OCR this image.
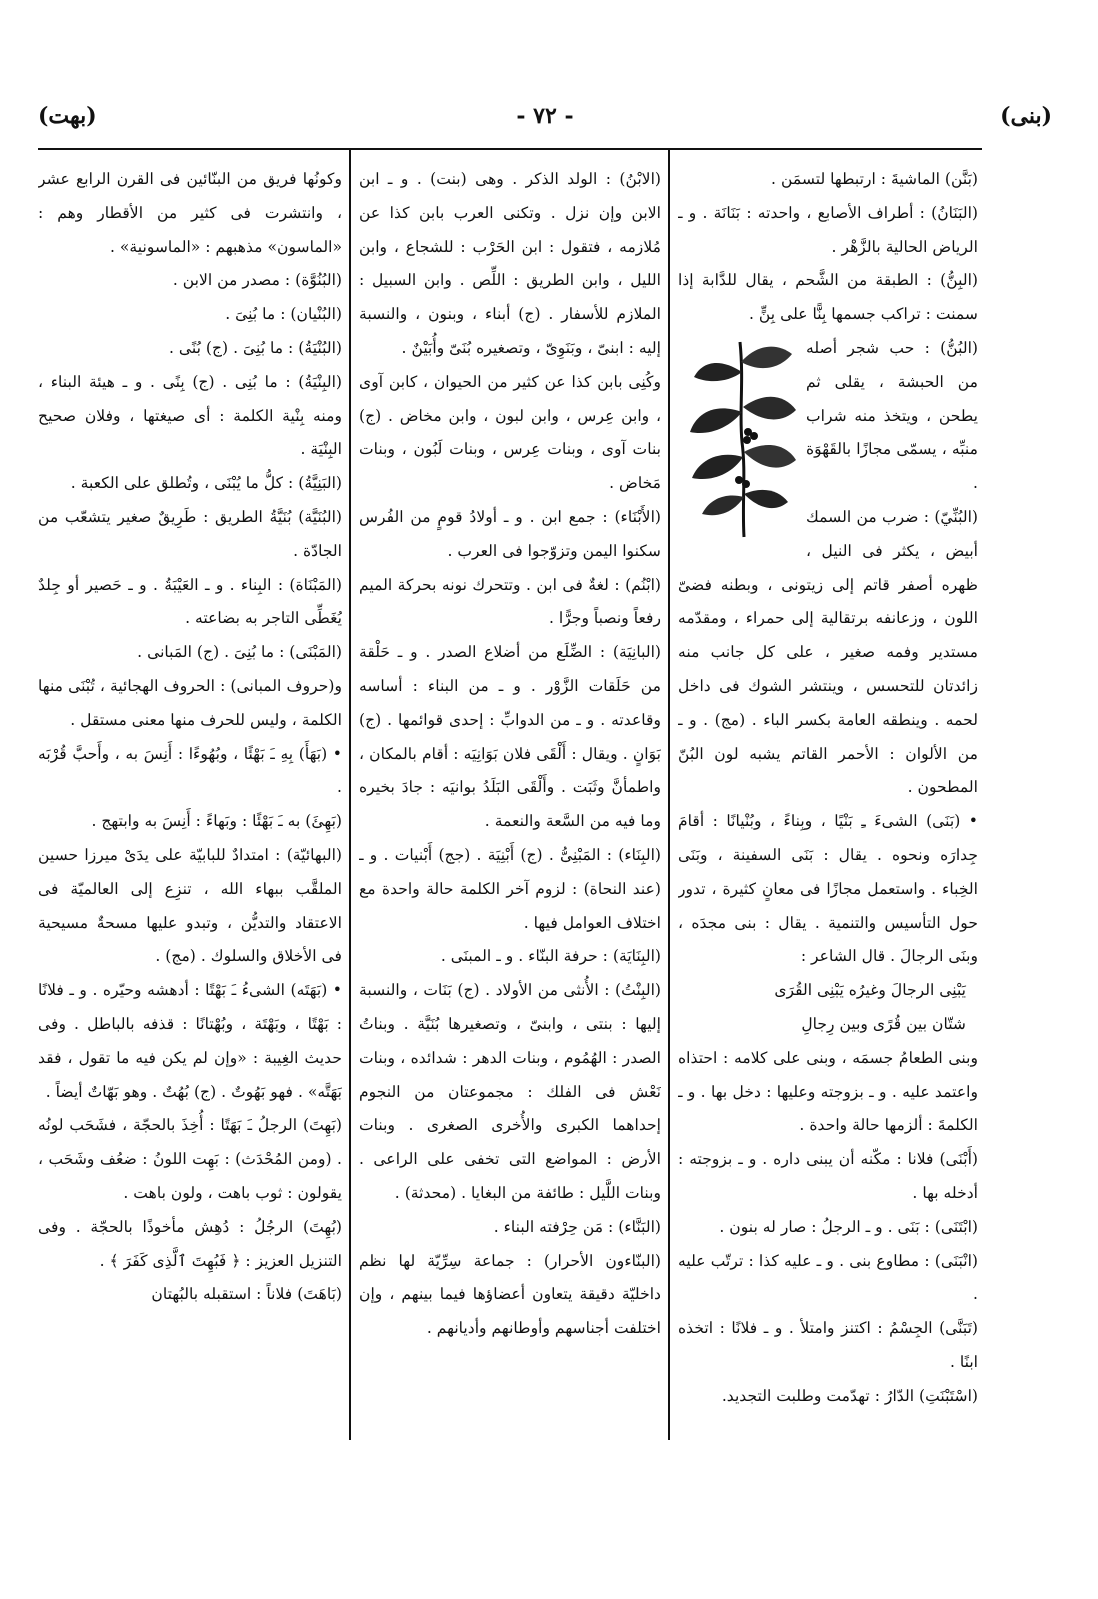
(بنى)
- ٧٢ -
(بهت)

(بَنَّن) الماشيةَ : ارتبطها لتسمَن .

(البَنَانُ) : أطراف الأصابع ، واحدته : بَنَانَة . و ـ الرياض الحالية بالزَّهْر .

(البِنُّ) : الطبقة من الشَّحم ، يقال للدَّابة إذا سمنت : تراكب جسمها بِنًّا على بِنٍّ .

(البُنُّ) : حب شجر أصله من الحبشة ، يقلى ثم يطحن ، ويتخذ منه شراب منبِّه ، يسمّى مجازًا بالقَهْوَة .

(البُنِّيّ) : ضرب من السمك أبيض ، يكثر فى النيل ، ظهره أصفر قاتم إلى زيتونى ، وبطنه فضىّ اللون ، وزعانفه برتقالية إلى حمراء ، ومقدّمه مستدير وفمه صغير ، على كل جانب منه زائدتان للتحسس ، وينتشر الشوك فى داخل لحمه . وينطقه العامة بكسر الباء . (مج) . و ـ من الألوان : الأحمر القاتم يشبه لون البُنّ المطحون .

• (بَنَى) الشىءَ ـِ بَنْيًا ، وبِناءً ، وبُنْيانًا : أقامَ جِدارَه ونحوه . يقال : بَنَى السفينة ، وبَنَى الخِباء . واستعمل مجازًا فى معانٍ كثيرة ، تدور حول التأسيس والتنمية . يقال : بنى مجدَه ، وبنَى الرجالَ . قال الشاعر :

يَبْنِى الرجالَ وغيرُه يَبْنِى القُرَى

شتّان بين قُرًى وبين رِجالِ

وبنى الطعامُ جسمَه ، وبنى على كلامه : احتذاه واعتمد عليه . و ـ بزوجته وعليها : دخل بها . و ـ الكلمةَ : ألزمها حالة واحدة .

(أَبْنَى) فلانا : مكّنه أن يبنى داره . و ـ بزوجته : أدخله بها .

(ابْتَنَى) : بَنَى . و ـ الرجلُ : صار له بنون .

(انْبَنَى) : مطاوع بنى . و ـ عليه كذا : ترتّب عليه .

(تَبَنَّى) الجِسْمُ : اكتنز وامتلأ . و ـ فلانًا : اتخذه ابنًا .

(اسْتَبْنَتِ) الدّارُ : تهدّمت وطلبت التجديد.

(الابْنُ) : الولد الذكر . وهى (بنت) . و ـ ابن الابن وإن نزل . وتكنى العرب بابن كذا عن مُلازمه ، فتقول : ابن الحَرْب : للشجاع ، وابن الليل ، وابن الطريق : اللِّص . وابن السبيل : الملازم للأسفار . (ج) أبناء ، وبنون ، والنسبة إليه : ابنىّ ، وبَنَوِىّ ، وتصغيره بُنَىّ وأُبَيْنٌ .

وكُنِى بابن كذا عن كثير من الحيوان ، كابن آوى ، وابن عِرس ، وابن لبون ، وابن مخاض . (ج) بنات آوى ، وبنات عِرس ، وبنات لَبُون ، وبنات مَخاض .

(الأَبْنَاء) : جمع ابن . و ـ أولادُ قومٍ من الفُرس سكنوا اليمن وتزوّجوا فى العرب .

(ابْنُم) : لغةٌ فى ابن . وتتحرك نونه بحركة الميم رفعاً ونصباً وجرًّا .

(البانِيَة) : الضِّلَع من أضلاع الصدر . و ـ حَلْقة من حَلَقات الزَّوْر . و ـ من البناء : أساسه وقاعدته . و ـ من الدوابِّ : إحدى قوائمها . (ج) بَوَانٍ . ويقال : أَلْقَى فلان بَوَانِيَه : أقام بالمكان ، واطمأنَّ وثَبَت . وأَلْقَى البَلَدُ بوانيَه : جادَ بخيره وما فيه من السَّعة والنعمة .

(البِنَاء) : المَبْنِىُّ . (ج) أَبْنِيَة . (جج) أَبْنيات . و ـ (عند النحاة) : لزوم آخر الكلمة حالة واحدة مع اختلاف العوامل فيها .

(البِنَايَة) : حرفة البنّاء . و ـ المبنَى .

(البِنْتُ) : الأُنثى من الأولاد . (ج) بَنَات ، والنسبة إليها : بنتى ، وابنىّ ، وتصغيرها بُنَيَّة . وبناتُ الصدر : الهُمُوم ، وبنات الدهر : شدائده ، وبنات نَعْش فى الفلك : مجموعتان من النجوم إحداهما الكبرى والأُخرى الصغرى . وبنات الأرض : المواضع التى تخفى على الراعى . وبنات اللَّيل : طائفة من البغايا . (محدثة) .

(البَنَّاء) : مَن حِرْفته البناء .

(البنّاءون الأحرار) : جماعة سِرِّيّة لها نظم داخليّة دقيقة يتعاون أعضاؤها فيما بينهم ، وإن اختلفت أجناسهم وأوطانهم وأديانهم .

وكونُها فريق من البنّائين فى القرن الرابع عشر ، وانتشرت فى كثير من الأقطار وهم : «الماسون» مذهبهم : «الماسونية» .

(البُنُوَّة) : مصدر من الابن .

(البُنْيان) : ما بُنِىَ .

(البُنْيَةُ) : ما بُنِىَ . (ج) بُنًى .

(البِنْيَةُ) : ما بُنِى . (ج) بِنًى . و ـ هيئة البناء ، ومنه بِنْية الكلمة : أى صيغتها ، وفلان صحيح البِنْيَة .

(البَنِيَّةُ) : كلُّ ما يُبْنَى ، وتُطلق على الكعبة .

(البُنَيَّة) بُنَيَّةُ الطريق : طَرِيقٌ صغير يتشعّب من الجادّة .

(المَبْنَاة) : البِناء . و ـ العَيْبَةُ . و ـ حَصير أو جِلدٌ يُغَطِّى التاجر به بضاعته .

(المَبْنَى) : ما بُنِىَ . (ج) المَبانى .

و(حروف المبانى) : الحروف الهجائية ، تُبْنَى منها الكلمة ، وليس للحرف منها معنى مستقل .

• (بَهَأَ) بِهِ ـَ بَهْئًا ، وبُهُوءًا : أَنِسَ به ، وأَحبَّ قُرْبَه .

(بَهِئَ) به ـَ بَهْئًا : وبَهاءً : أَنِسَ به وابتهج .

(البهائيّة) : امتدادٌ للبابيّة على يدَىْ ميرزا حسين الملقَّب ببهاء الله ، تنزِع إلى العالميّة فى الاعتقاد والتديُّن ، وتبدو عليها مسحةٌ مسيحية فى الأخلاق والسلوك . (مج) .

• (بَهَتَه) الشىءُ ـَ بَهْتًا : أدهشه وحيّره . و ـ فلانًا : بَهْتًا ، وبَهْتَة ، وبُهْتانًا : قذفه بالباطل . وفى حديث الغِيبة : «وإن لم يكن فيه ما تقول ، فقد بَهَتَّه» . فهو بَهُوتٌ . (ج) بُهُتٌ . وهو بَهّاتٌ أيضاً .

(بَهِتَ) الرجلُ ـَ بَهَتًا : أُخِذَ بالحجّة ، فشَحَب لونُه . (ومن المُحْدَث) : بَهِت اللونُ : ضعُف وشَحَب ، يقولون : ثوب باهت ، ولون باهت .

(بُهِتَ) الرجُلُ : دُهِش مأخوذًا بالحجّة . وفى التنزيل العزيز : ﴿ فَبُهِتَ ٱلَّذِى كَفَرَ ﴾ .

(بَاهَتَ) فلاناً : استقبله بالبُهتان
